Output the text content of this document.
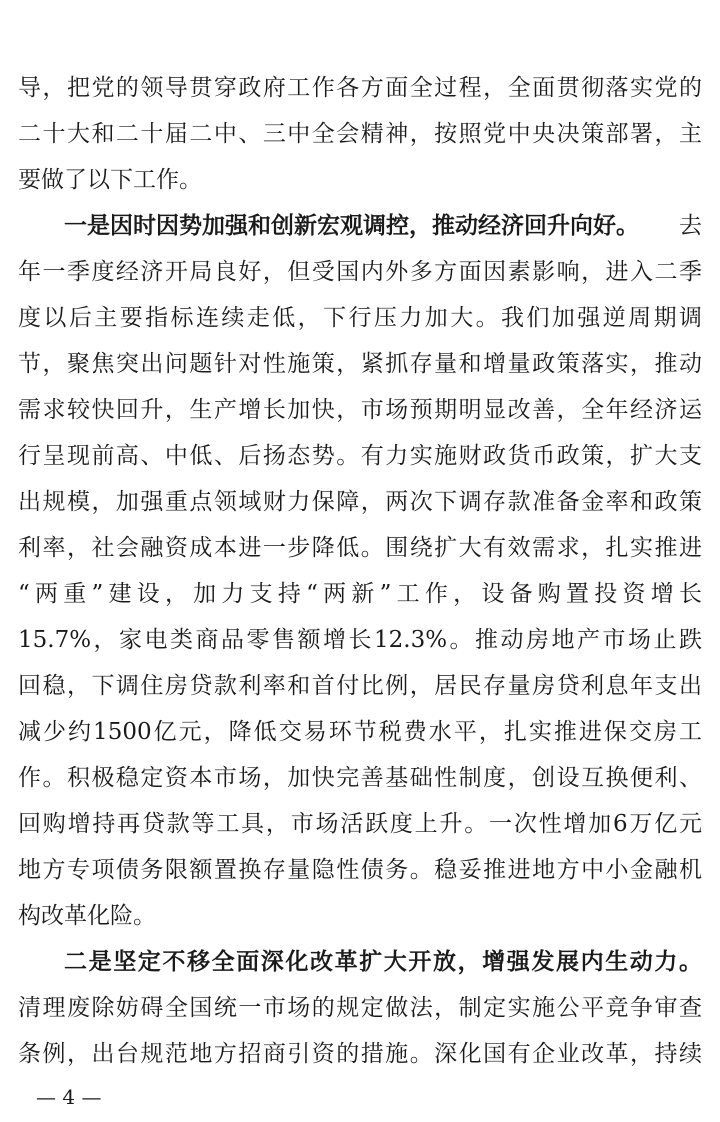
导，把党的领导贯穿政府工作各方面全过程，全面贯彻落实党的
二十大和二十届二中、三中全会精神，按照党中央决策部署，主
要做了以下工作。
一是因时因势加强和创新宏观调控，推动经济回升向好。 去
年一季度经济开局良好，但受国内外多方面因素影响，进入二季
度以后主要指标连续走低，下行压力加大。我们加强逆周期调
节，聚焦突出问题针对性施策，紧抓存量和增量政策落实，推动
需求较快回升，生产增长加快，市场预期明显改善，全年经济运
行呈现前高、中低、后扬态势。有力实施财政货币政策，扩大支
出规模，加强重点领域财力保障，两次下调存款准备金率和政策
利率，社会融资成本进一步降低。围绕扩大有效需求，扎实推进
“两重”建设，加力支持“两新”工作，设备购置投资增长
15.7%，家电类商品零售额增长12.3%。推动房地产市场止跌
回稳，下调住房贷款利率和首付比例，居民存量房贷利息年支出
减少约1500亿元，降低交易环节税费水平，扎实推进保交房工
作。积极稳定资本市场，加快完善基础性制度，创设互换便利、
回购增持再贷款等工具，市场活跃度上升。一次性增加6万亿元
地方专项债务限额置换存量隐性债务。稳妥推进地方中小金融机
构改革化险。
二是坚定不移全面深化改革扩大开放，增强发展内生动力。
清理废除妨碍全国统一市场的规定做法，制定实施公平竞争审查
条例，出台规范地方招商引资的措施。深化国有企业改革，持续
— 4 —
